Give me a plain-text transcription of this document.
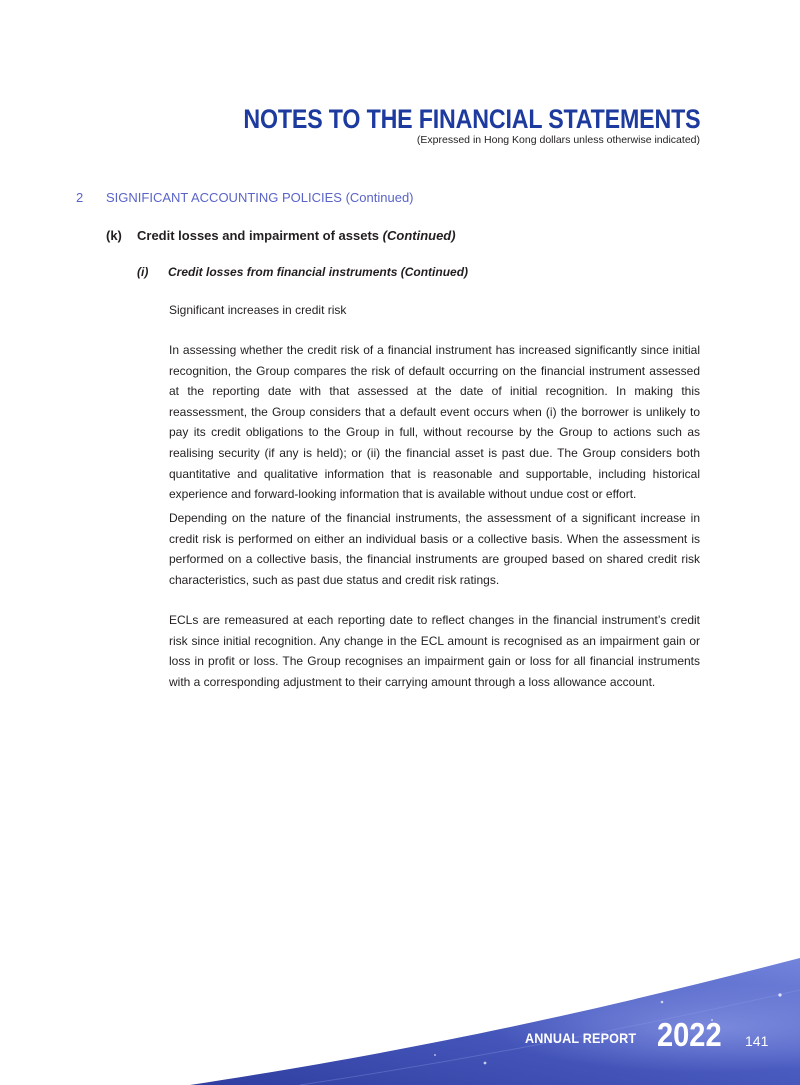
NOTES TO THE FINANCIAL STATEMENTS
(Expressed in Hong Kong dollars unless otherwise indicated)
2 SIGNIFICANT ACCOUNTING POLICIES (Continued)
(k) Credit losses and impairment of assets (Continued)
(i) Credit losses from financial instruments (Continued)
Significant increases in credit risk

In assessing whether the credit risk of a financial instrument has increased significantly since initial recognition, the Group compares the risk of default occurring on the financial instrument assessed at the reporting date with that assessed at the date of initial recognition. In making this reassessment, the Group considers that a default event occurs when (i) the borrower is unlikely to pay its credit obligations to the Group in full, without recourse by the Group to actions such as realising security (if any is held); or (ii) the financial asset is past due. The Group considers both quantitative and qualitative information that is reasonable and supportable, including historical experience and forward-looking information that is available without undue cost or effort.

Depending on the nature of the financial instruments, the assessment of a significant increase in credit risk is performed on either an individual basis or a collective basis. When the assessment is performed on a collective basis, the financial instruments are grouped based on shared credit risk characteristics, such as past due status and credit risk ratings.

ECLs are remeasured at each reporting date to reflect changes in the financial instrument’s credit risk since initial recognition. Any change in the ECL amount is recognised as an impairment gain or loss in profit or loss. The Group recognises an impairment gain or loss for all financial instruments with a corresponding adjustment to their carrying amount through a loss allowance account.

ANNUAL REPORT 2022 141
